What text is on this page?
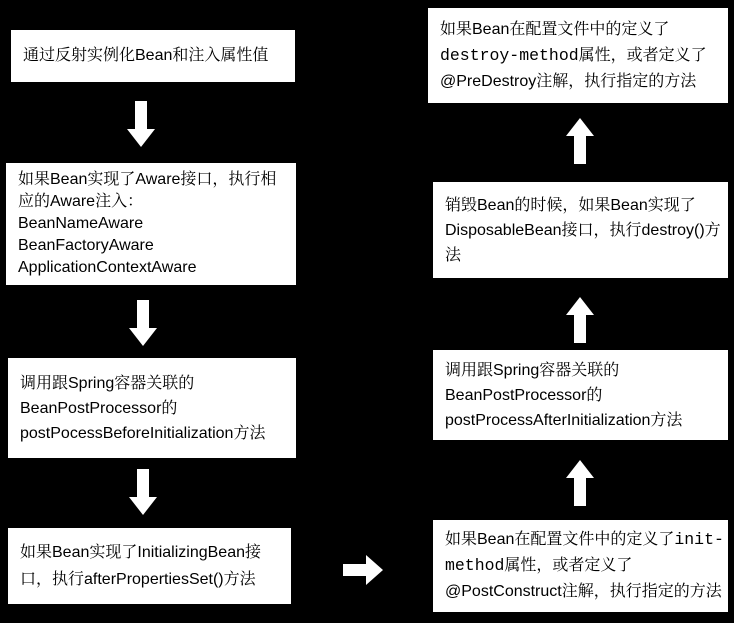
通过反射实例化Bean和注入属性值
如果Bean实现了Aware接口，执行相
应的Aware注入：
BeanNameAware
BeanFactoryAware
ApplicationContextAware
调用跟Spring容器关联的
BeanPostProcessor的
postPocessBeforeInitialization方法
如果Bean实现了InitializingBean接
口，执行afterPropertiesSet()方法
如果Bean在配置文件中的定义了init-
method属性，或者定义了
@PostConstruct注解，执行指定的方法
调用跟Spring容器关联的
BeanPostProcessor的
postProcessAfterInitialization方法
销毁Bean的时候，如果Bean实现了
DisposableBean接口，执行destroy()方
法
如果Bean在配置文件中的定义了
destroy-method属性，或者定义了
@PreDestroy注解，执行指定的方法
